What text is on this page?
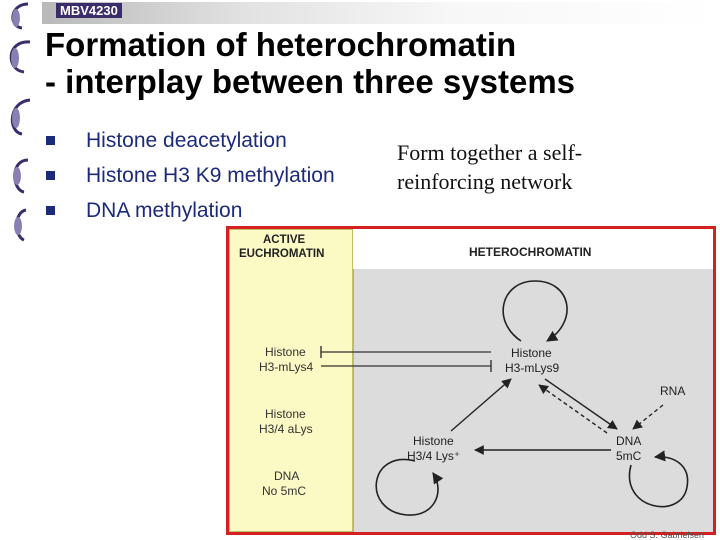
MBV4230
Formation of heterochromatin
- interplay between three systems
Histone deacetylation
Histone H3 K9 methylation
DNA methylation
Form together a self-
reinforcing network
ACTIVE
EUCHROMATIN
Histone
H3-mLys4
Histone
H3/4 aLys
DNA
No 5mC
HETEROCHROMATIN
Histone
H3-mLys9
RNA
Histone
H3/4 Lys⁺
DNA
5mC
Odd S. Gabrielsen
